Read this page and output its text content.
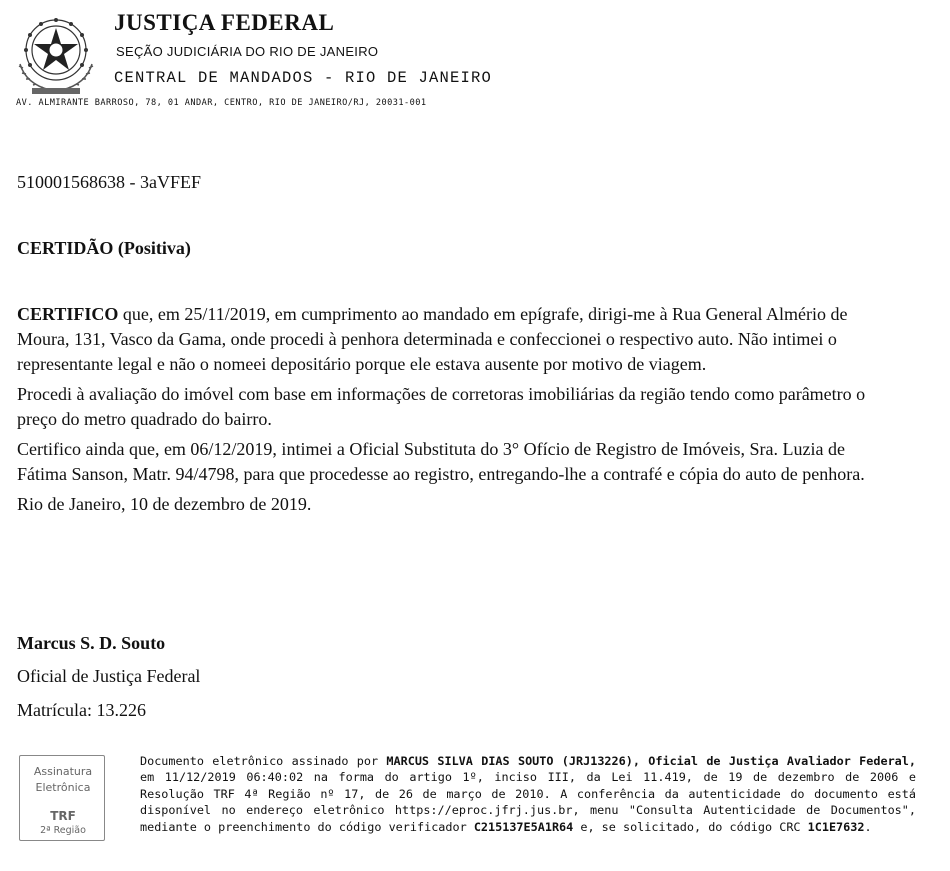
JUSTIÇA FEDERAL
SEÇÃO JUDICIÁRIA DO RIO DE JANEIRO
CENTRAL DE MANDADOS - RIO DE JANEIRO
AV. ALMIRANTE BARROSO, 78, 01 ANDAR, CENTRO, RIO DE JANEIRO/RJ, 20031-001
510001568638 - 3aVFEF
CERTIDÃO (Positiva)

CERTIFICO que, em 25/11/2019, em cumprimento ao mandado em epígrafe, dirigi-me à Rua General Almério de Moura, 131, Vasco da Gama, onde procedi à penhora determinada e confeccionei o respectivo auto. Não intimei o representante legal e não o nomeei depositário porque ele estava ausente por motivo de viagem.

Procedi à avaliação do imóvel com base em informações de corretoras imobiliárias da região tendo como parâmetro o preço do metro quadrado do bairro.

Certifico ainda que, em 06/12/2019, intimei a Oficial Substituta do 3° Ofício de Registro de Imóveis, Sra. Luzia de Fátima Sanson, Matr. 94/4798, para que procedesse ao registro, entregando-lhe a contrafé e cópia do auto de penhora.

Rio de Janeiro, 10 de dezembro de 2019.

Marcus S. D. Souto
Oficial de Justiça Federal
Matrícula: 13.226
Assinatura
Eletrônica
TRF
2ª Região
Documento eletrônico assinado por MARCUS SILVA DIAS SOUTO (JRJ13226), Oficial de Justiça Avaliador Federal, em 11/12/2019 06:40:02 na forma do artigo 1º, inciso III, da Lei 11.419, de 19 de dezembro de 2006 e Resolução TRF 4ª Região nº 17, de 26 de março de 2010. A conferência da autenticidade do documento está disponível no endereço eletrônico https://eproc.jfrj.jus.br, menu "Consulta Autenticidade de Documentos", mediante o preenchimento do código verificador C215137E5A1R64 e, se solicitado, do código CRC 1C1E7632.
